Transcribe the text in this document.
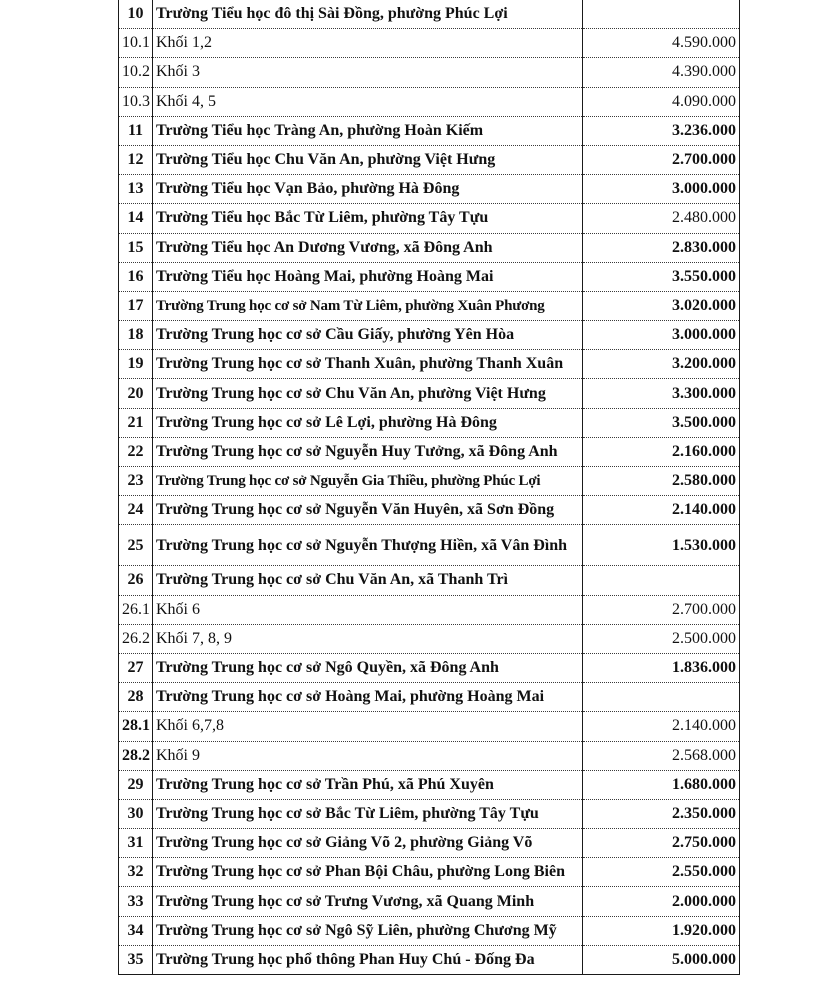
10	Trường Tiểu học đô thị Sài Đồng, phường Phúc Lợi	
10.1	Khối 1,2	4.590.000
10.2	Khối 3	4.390.000
10.3	Khối 4, 5	4.090.000
11	Trường Tiểu học Tràng An, phường Hoàn Kiếm	3.236.000
12	Trường Tiểu học Chu Văn An, phường Việt Hưng	2.700.000
13	Trường Tiểu học Vạn Bảo, phường Hà Đông	3.000.000
14	Trường Tiểu học Bắc Từ Liêm, phường Tây Tựu	2.480.000
15	Trường Tiểu học An Dương Vương, xã Đông Anh	2.830.000
16	Trường Tiểu học Hoàng Mai, phường Hoàng Mai	3.550.000
17	Trường Trung học cơ sở Nam Từ Liêm, phường Xuân Phương	3.020.000
18	Trường Trung học cơ sở Cầu Giấy, phường Yên Hòa	3.000.000
19	Trường Trung học cơ sở Thanh Xuân, phường Thanh Xuân	3.200.000
20	Trường Trung học cơ sở Chu Văn An, phường Việt Hưng	3.300.000
21	Trường Trung học cơ sở Lê Lợi, phường Hà Đông	3.500.000
22	Trường Trung học cơ sở Nguyễn Huy Tưởng, xã Đông Anh	2.160.000
23	Trường Trung học cơ sở Nguyễn Gia Thiều, phường Phúc Lợi	2.580.000
24	Trường Trung học cơ sở Nguyễn Văn Huyên, xã Sơn Đồng	2.140.000
25	Trường Trung học cơ sở Nguyễn Thượng Hiền, xã Vân Đình	1.530.000
26	Trường Trung học cơ sở Chu Văn An, xã Thanh Trì	
26.1	Khối 6	2.700.000
26.2	Khối 7, 8, 9	2.500.000
27	Trường Trung học cơ sở Ngô Quyền, xã Đông Anh	1.836.000
28	Trường Trung học cơ sở Hoàng Mai, phường Hoàng Mai	
28.1	Khối 6,7,8	2.140.000
28.2	Khối 9	2.568.000
29	Trường Trung học cơ sở Trần Phú, xã Phú Xuyên	1.680.000
30	Trường Trung học cơ sở Bắc Từ Liêm, phường Tây Tựu	2.350.000
31	Trường Trung học cơ sở Giảng Võ 2, phường Giảng Võ	2.750.000
32	Trường Trung học cơ sở Phan Bội Châu, phường Long Biên	2.550.000
33	Trường Trung học cơ sở Trưng Vương, xã Quang Minh	2.000.000
34	Trường Trung học cơ sở Ngô Sỹ Liên, phường Chương Mỹ	1.920.000
35	Trường Trung học phổ thông Phan Huy Chú - Đống Đa	5.000.000
